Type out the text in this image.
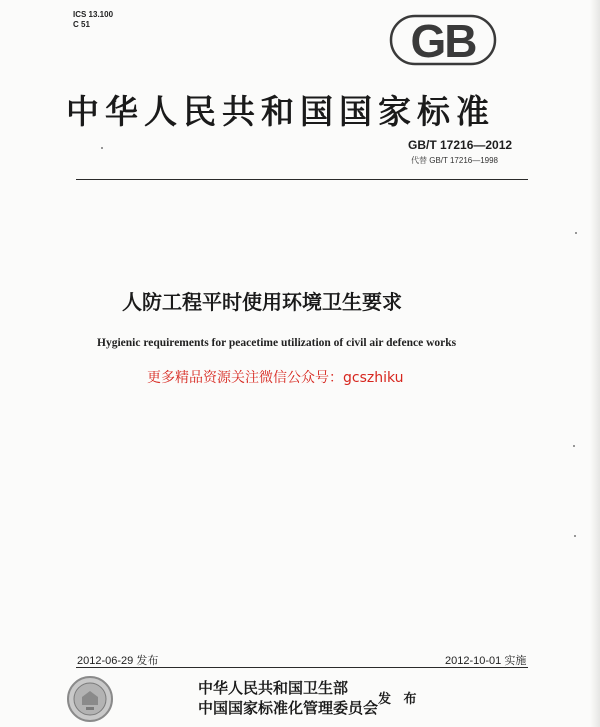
ICS 13.100
C 51	GB
中华人民共和国国家标准
GB/T 17216—2012
代替 GB/T 17216—1998
人防工程平时使用环境卫生要求
Hygienic requirements for peacetime utilization of civil air defence works
更多精品资源关注微信公众号：gcszhiku
2012-06-29 发布	2012-10-01 实施
中华人民共和国卫生部
中国国家标准化管理委员会 发 布
